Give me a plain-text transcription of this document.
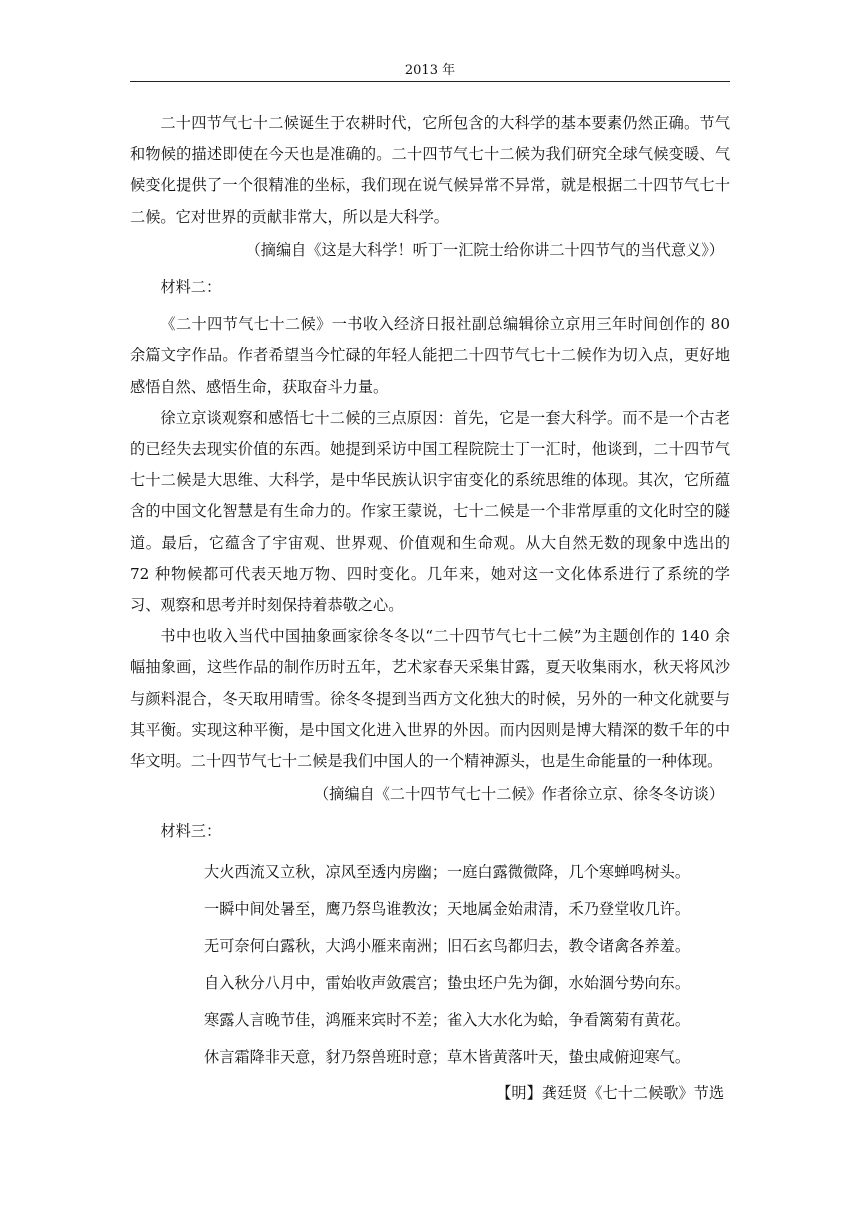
2013 年

二十四节气七十二候诞生于农耕时代，它所包含的大科学的基本要素仍然正确。节气和物候的描述即使在今天也是准确的。二十四节气七十二候为我们研究全球气候变暖、气候变化提供了一个很精准的坐标，我们现在说气候异常不异常，就是根据二十四节气七十二候。它对世界的贡献非常大，所以是大科学。

（摘编自《这是大科学！听丁一汇院士给你讲二十四节气的当代意义》）

材料二：

《二十四节气七十二候》一书收入经济日报社副总编辑徐立京用三年时间创作的 80 余篇文字作品。作者希望当今忙碌的年轻人能把二十四节气七十二候作为切入点，更好地感悟自然、感悟生命，获取奋斗力量。

徐立京谈观察和感悟七十二候的三点原因：首先，它是一套大科学。而不是一个古老的已经失去现实价值的东西。她提到采访中国工程院院士丁一汇时，他谈到，二十四节气七十二候是大思维、大科学，是中华民族认识宇宙变化的系统思维的体现。其次，它所蕴含的中国文化智慧是有生命力的。作家王蒙说，七十二候是一个非常厚重的文化时空的隧道。最后，它蕴含了宇宙观、世界观、价值观和生命观。从大自然无数的现象中选出的 72 种物候都可代表天地万物、四时变化。几年来，她对这一文化体系进行了系统的学习、观察和思考并时刻保持着恭敬之心。

书中也收入当代中国抽象画家徐冬冬以“二十四节气七十二候”为主题创作的 140 余幅抽象画，这些作品的制作历时五年，艺术家春天采集甘露，夏天收集雨水，秋天将风沙与颜料混合，冬天取用晴雪。徐冬冬提到当西方文化独大的时候，另外的一种文化就要与其平衡。实现这种平衡，是中国文化进入世界的外因。而内因则是博大精深的数千年的中华文明。二十四节气七十二候是我们中国人的一个精神源头，也是生命能量的一种体现。

（摘编自《二十四节气七十二候》作者徐立京、徐冬冬访谈）

材料三：

大火西流又立秋，凉风至透内房幽；一庭白露微微降，几个寒蝉鸣树头。
一瞬中间处暑至，鹰乃祭鸟谁教汝；天地属金始肃清，禾乃登堂收几许。
无可奈何白露秋，大鸿小雁来南洲；旧石玄鸟都归去，教令诸禽各养羞。
自入秋分八月中，雷始收声敛震宫；蛰虫坯户先为御，水始涸兮势向东。
寒露人言晚节佳，鸿雁来宾时不差；雀入大水化为蛤，争看篱菊有黄花。
休言霜降非天意，豺乃祭兽班时意；草木皆黄落叶天，蛰虫咸俯迎寒气。

【明】龚廷贤《七十二候歌》节选
